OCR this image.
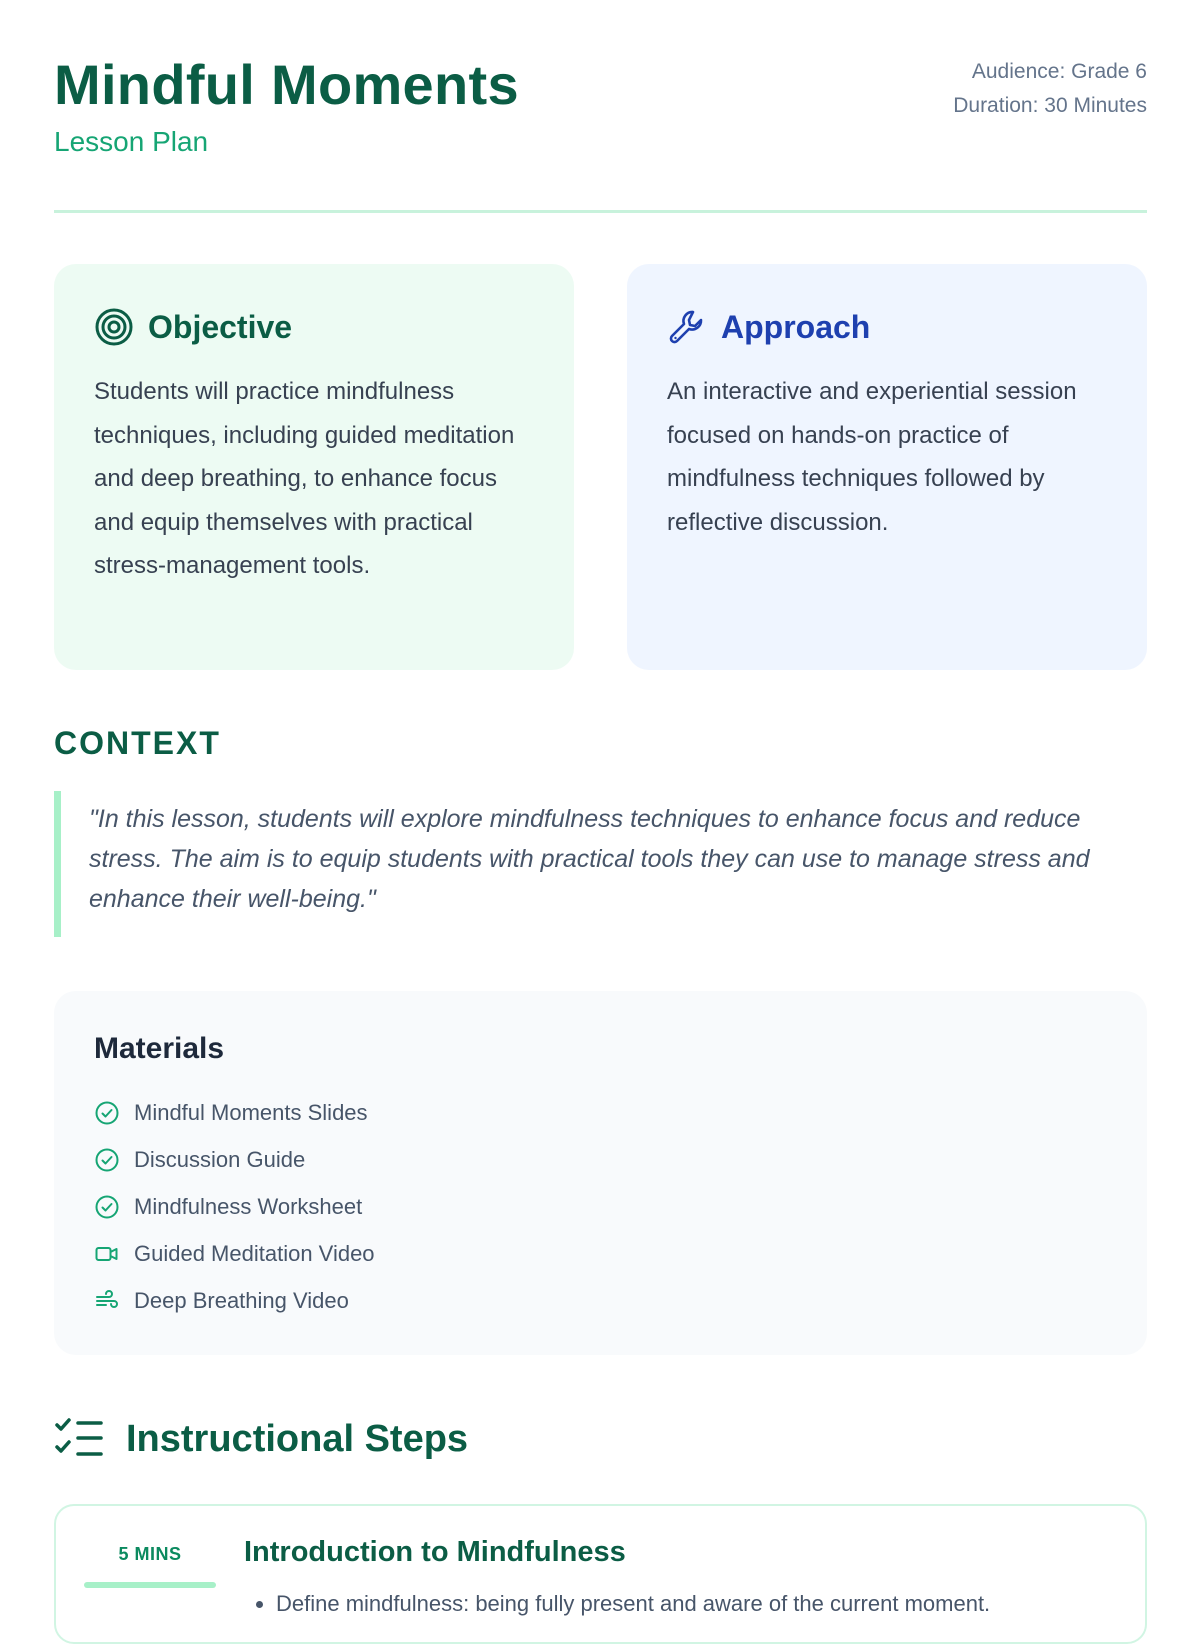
Mindful Moments
Lesson Plan
Audience: Grade 6
Duration: 30 Minutes
Objective
Students will practice mindfulness techniques, including guided meditation and deep breathing, to enhance focus and equip themselves with practical stress-management tools.
Approach
An interactive and experiential session focused on hands-on practice of mindfulness techniques followed by reflective discussion.
CONTEXT
"In this lesson, students will explore mindfulness techniques to enhance focus and reduce stress. The aim is to equip students with practical tools they can use to manage stress and enhance their well-being."
Materials
Mindful Moments Slides
Discussion Guide
Mindfulness Worksheet
Guided Meditation Video
Deep Breathing Video
Instructional Steps
5 MINS	Introduction to Mindfulness
• Define mindfulness: being fully present and aware of the current moment.
